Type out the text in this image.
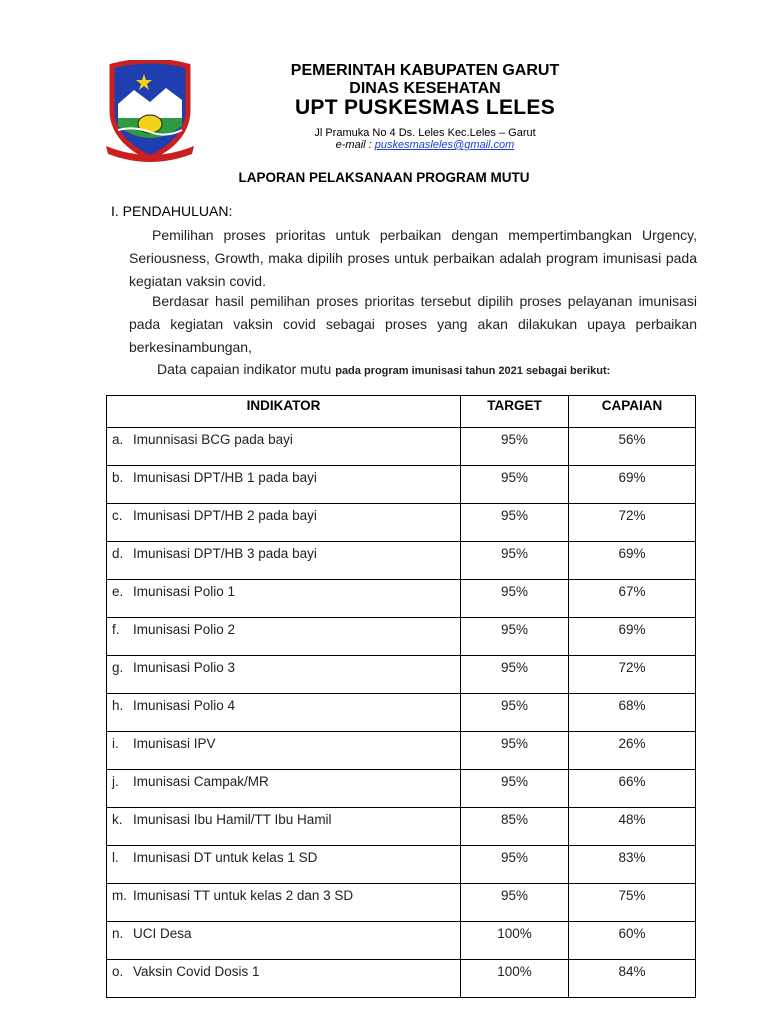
PEMERINTAH KABUPATEN GARUT
DINAS KESEHATAN
UPT PUSKESMAS LELES
Jl Pramuka No 4 Ds. Leles Kec.Leles – Garut
e-mail : puskesmasleles@gmail.com
LAPORAN PELAKSANAAN PROGRAM MUTU
I. PENDAHULUAN:
Pemilihan proses prioritas untuk perbaikan dengan mempertimbangkan Urgency, Seriousness, Growth, maka dipilih proses untuk perbaikan adalah program imunisasi pada kegiatan vaksin covid.
Berdasar hasil pemilihan proses prioritas tersebut dipilih proses pelayanan imunisasi pada kegiatan vaksin covid sebagai proses yang akan dilakukan upaya perbaikan berkesinambungan,
Data capaian indikator mutu pada program imunisasi tahun 2021 sebagai berikut:
INDIKATOR	TARGET	CAPAIAN
a. Imunnisasi BCG pada bayi	95%	56%
b. Imunisasi DPT/HB 1 pada bayi	95%	69%
c. Imunisasi DPT/HB 2 pada bayi	95%	72%
d. Imunisasi DPT/HB 3 pada bayi	95%	69%
e. Imunisasi Polio 1	95%	67%
f. Imunisasi Polio 2	95%	69%
g. Imunisasi Polio 3	95%	72%
h. Imunisasi Polio 4	95%	68%
i. Imunisasi IPV	95%	26%
j. Imunisasi Campak/MR	95%	66%
k. Imunisasi Ibu Hamil/TT Ibu Hamil	85%	48%
l. Imunisasi DT untuk kelas 1 SD	95%	83%
m. Imunisasi TT untuk kelas 2 dan 3 SD	95%	75%
n. UCI Desa	100%	60%
o. Vaksin Covid Dosis 1	100%	84%
